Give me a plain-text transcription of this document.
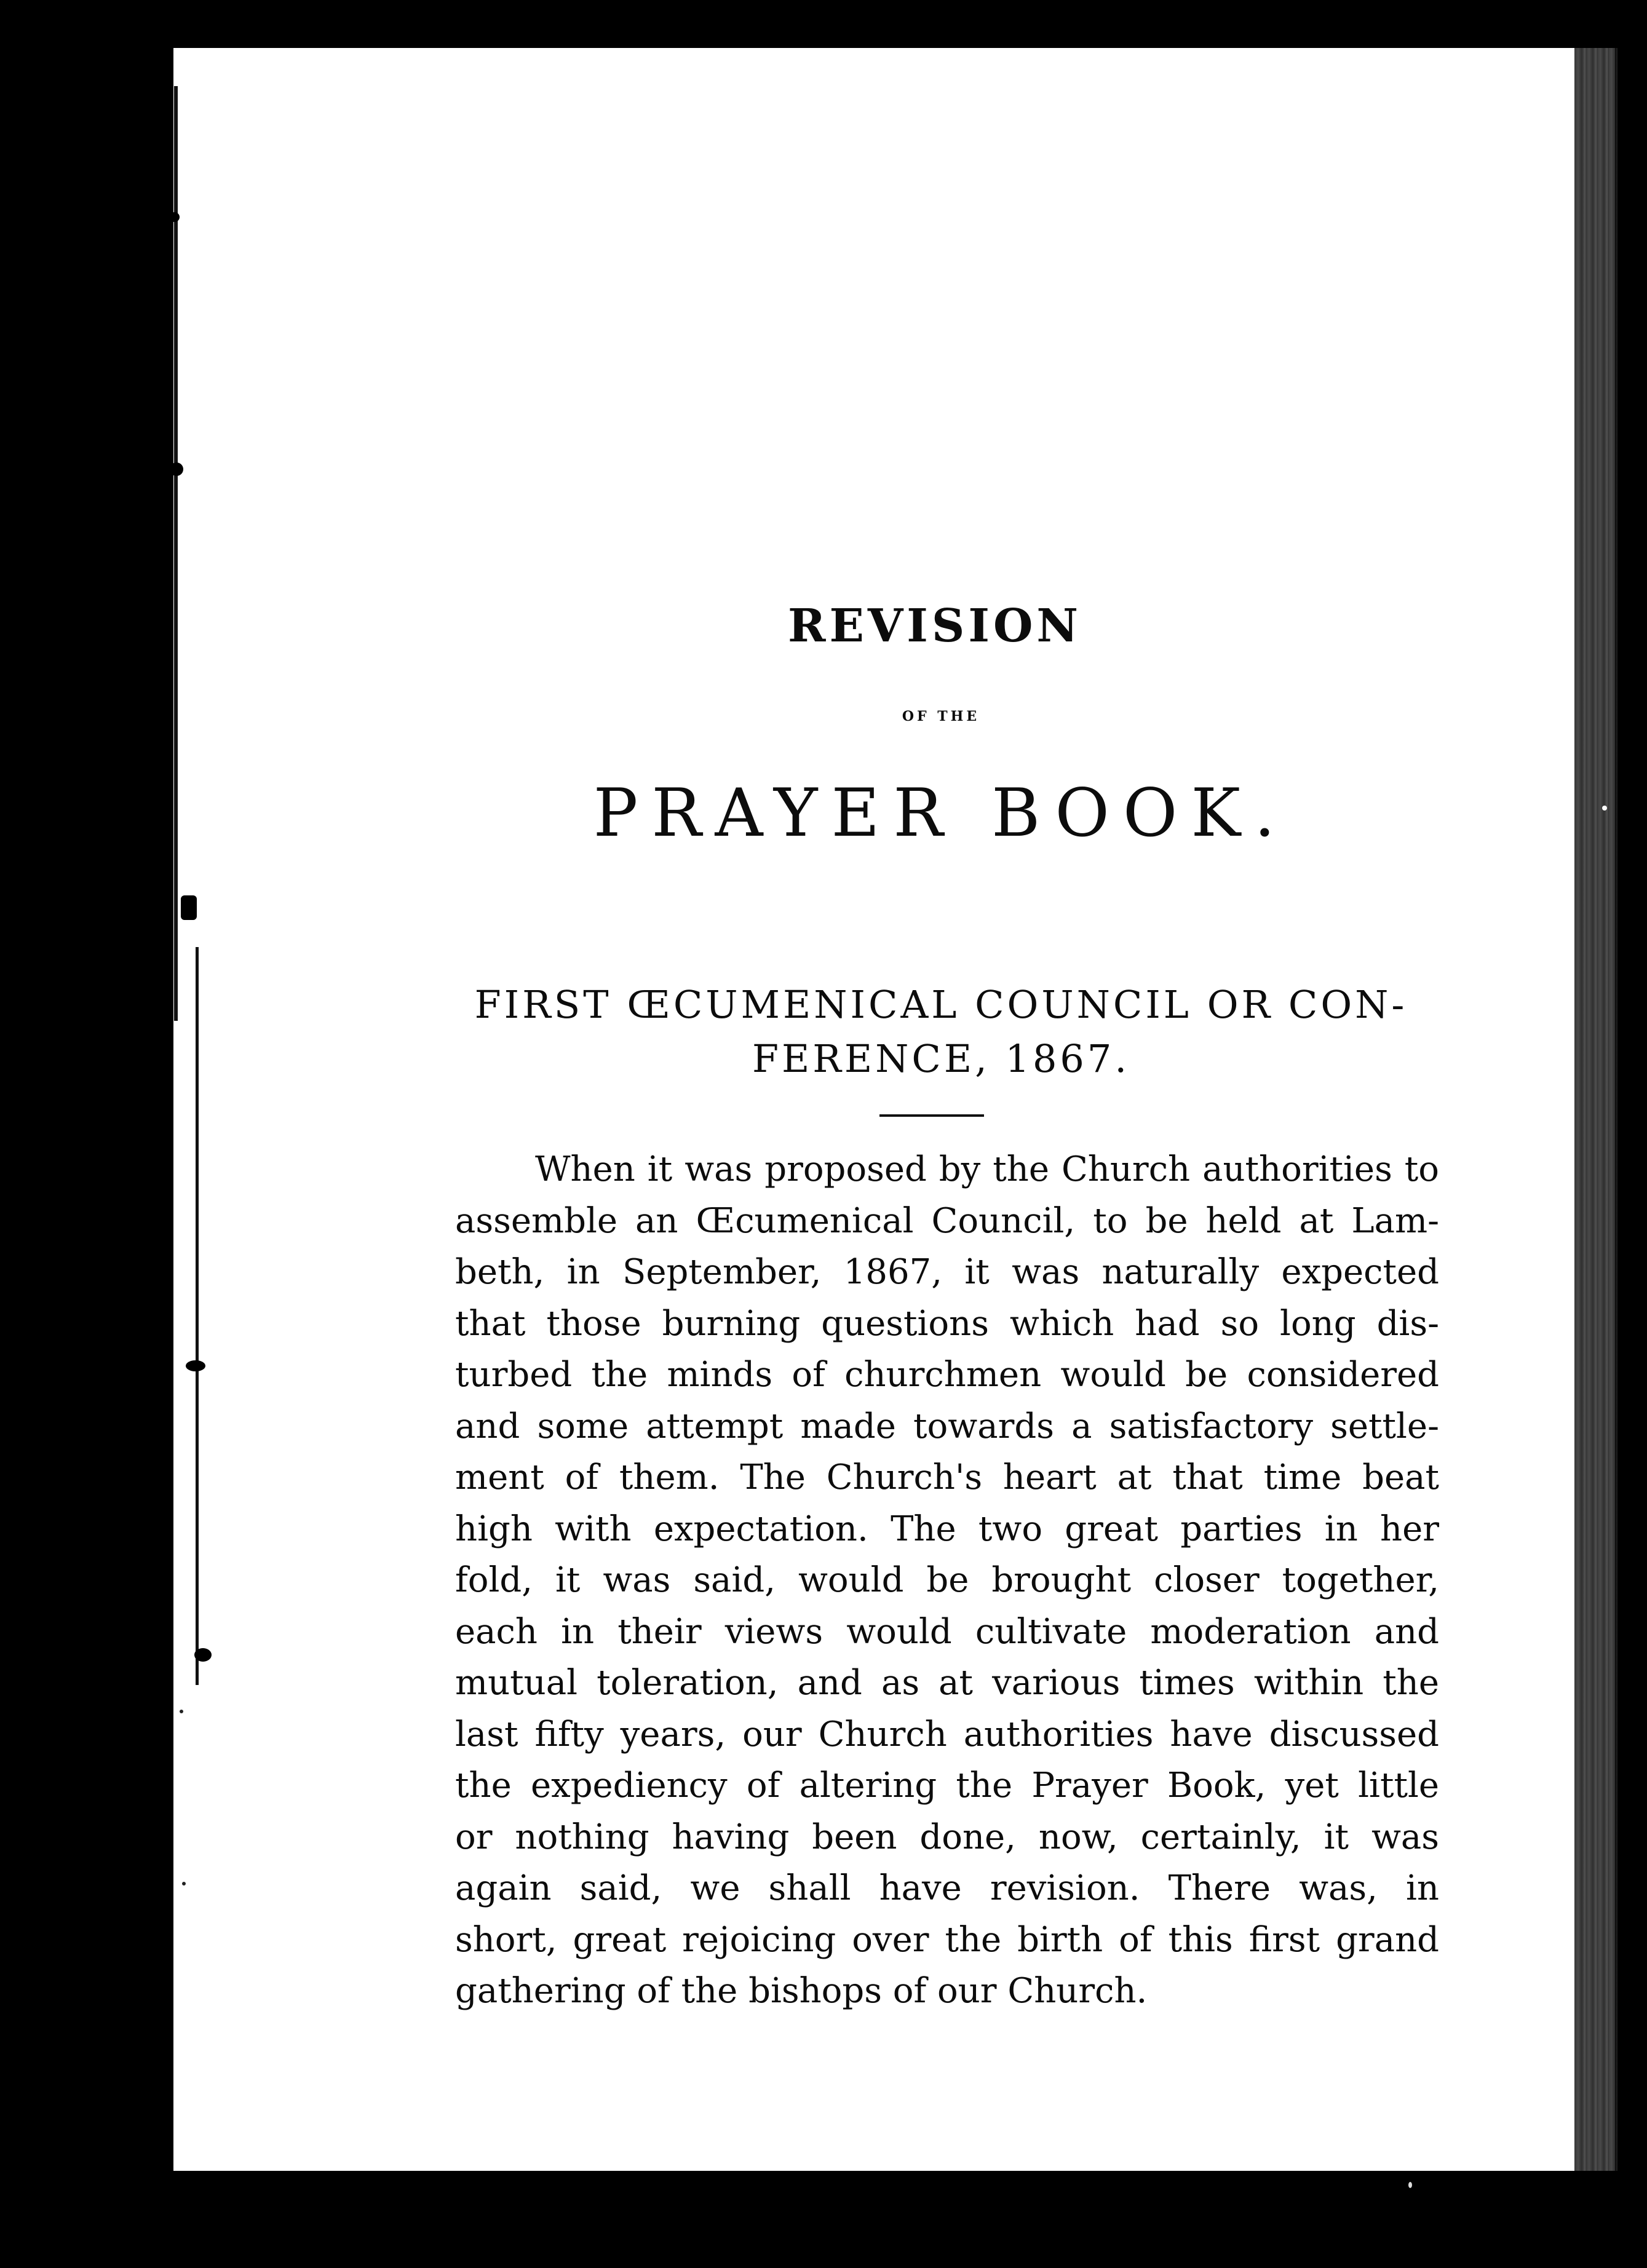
REVISION
OF THE
PRAYER BOOK.
FIRST ŒCUMENICAL COUNCIL OR CON-
FERENCE, 1867.
When it was proposed by the Church authorities to
assemble an Œcumenical Council, to be held at Lam-
beth, in September, 1867, it was naturally expected
that those burning questions which had so long dis-
turbed the minds of churchmen would be considered
and some attempt made towards a satisfactory settle-
ment of them. The Church's heart at that time beat
high with expectation. The two great parties in her
fold, it was said, would be brought closer together,
each in their views would cultivate moderation and
mutual toleration, and as at various times within the
last fifty years, our Church authorities have discussed
the expediency of altering the Prayer Book, yet little
or nothing having been done, now, certainly, it was
again said, we shall have revision. There was, in
short, great rejoicing over the birth of this first grand
gathering of the bishops of our Church.
